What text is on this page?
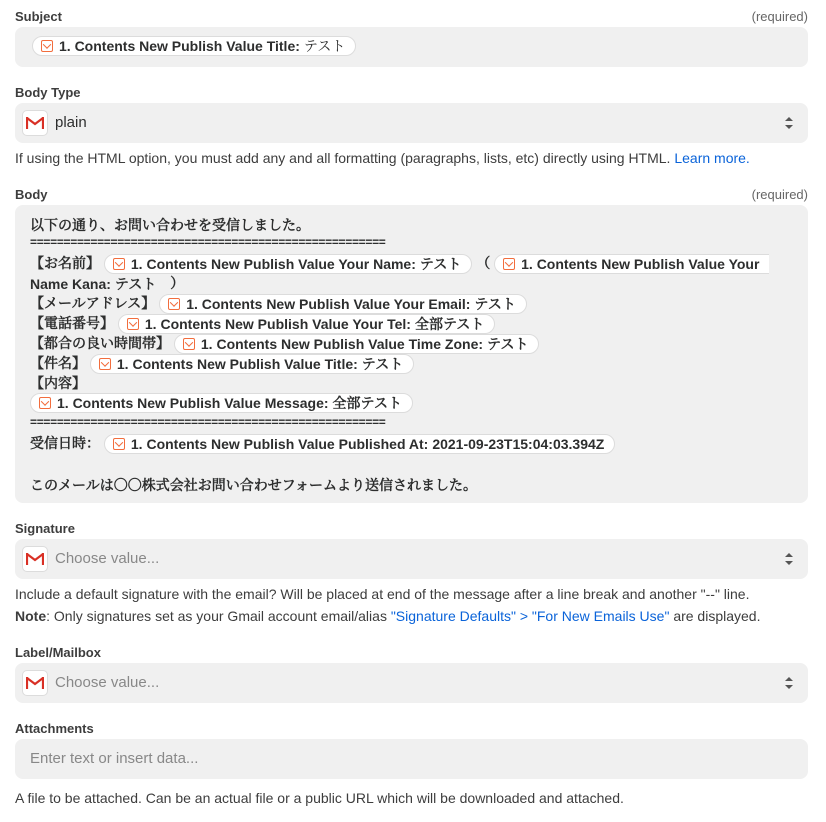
Subject	(required)
1. Contents New Publish Value Title: テスト
Body Type
plain
If using the HTML option, you must add any and all formatting (paragraphs, lists, etc) directly using HTML. Learn more.
Body	(required)
以下の通り、お問い合わせを受信しました。
=====================================================
【お名前】 1. Contents New Publish Value Your Name: テスト （ 1. Contents New Publish Value Your
Name Kana: テスト ）
【メールアドレス】 1. Contents New Publish Value Your Email: テスト
【電話番号】 1. Contents New Publish Value Your Tel: 全部テスト
【都合の良い時間帯】 1. Contents New Publish Value Time Zone: テスト
【件名】 1. Contents New Publish Value Title: テスト
【内容】
1. Contents New Publish Value Message: 全部テスト
=====================================================
受信日時： 1. Contents New Publish Value Published At: 2021-09-23T15:04:03.394Z
このメールは〇〇株式会社お問い合わせフォームより送信されました。
Signature
Choose value...
Include a default signature with the email? Will be placed at end of the message after a line break and another "--" line.
Note: Only signatures set as your Gmail account email/alias "Signature Defaults" > "For New Emails Use" are displayed.
Label/Mailbox
Choose value...
Attachments
Enter text or insert data...
A file to be attached. Can be an actual file or a public URL which will be downloaded and attached.
